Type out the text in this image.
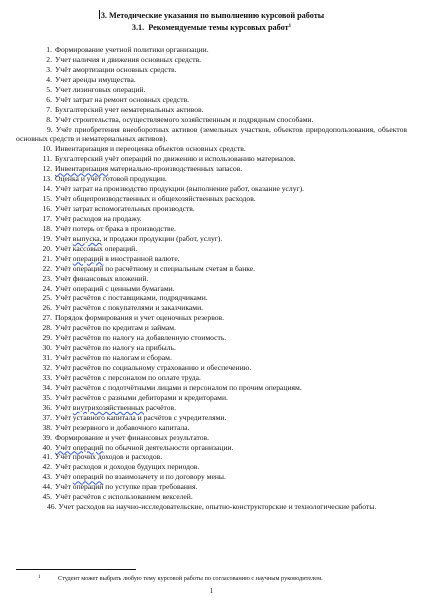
3. Методические указания по выполнению курсовой работы
3.1. Рекомендуемые темы курсовых работ$^1$
1. Формирование учетной политики организации.
2. Учет наличия и движения основных средств.
3. Учёт амортизации основных средств.
4. Учет аренды имущества.
5. Учет лизинговых операций.
6. Учёт затрат на ремонт основных средств.
7. Бухгалтерский учет нематериальных активов.
8. Учёт строительства, осуществляемого хозяйственным и подрядным способами.
9. Учёт приобретения внеоборотных активов (земельных участков, объектов природопользования, объектов основных средств и нематериальных активов).
10. Инвентаризация и переоценка объектов основных средств.
11. Бухгалтерский учёт операций по движению и использованию материалов.
12. Инвентаризация материально-производственных запасов.
13. Оценка и учёт готовой продукции.
14. Учёт затрат на производство продукции (выполнение работ, оказание услуг).
15. Учёт общепроизводственных и общехозяйственных расходов.
16. Учёт затрат вспомогательных производств.
17. Учёт расходов на продажу.
18. Учёт потерь от брака в производстве.
19. Учёт выпуска, и продажи продукции (работ, услуг).
20. Учёт кассовых операций.
21. Учёт операций в иностранной валюте.
22. Учёт операций по расчётному и специальным счетам в банке.
23. Учёт финансовых вложений.
24. Учёт операций с ценными бумагами.
25. Учёт расчётов с поставщиками, подрядчиками.
26. Учёт расчётов с покупателями и заказчиками.
27. Порядок формирования и учет оценочных резервов.
28. Учёт расчётов по кредитам и займам.
29. Учёт расчётов по налогу на добавленную стоимость.
30. Учёт расчётов по налогу на прибыль.
31. Учёт расчётов по налогам и сборам.
32. Учёт расчётов по социальному страхованию и обеспечению.
33. Учёт расчётов с персоналом по оплате труда.
34. Учёт расчётов с подотчётными лицами и персоналом по прочим операциям.
35. Учёт расчётов с разными дебиторами и кредиторами.
36. Учёт внутрихозяйственных расчётов.
37. Учёт уставного капитала и расчётов с учредителями.
38. Учёт резервного и добавочного капитала.
39. Формирование и учет финансовых результатов.
40. Учёт операций по обычной деятельности организации.
41. Учёт прочих доходов и расходов.
42. Учёт расходов и доходов будущих периодов.
43. Учёт операций по взаимозачету и по договору мены.
44. Учёт операций по уступке прав требования.
45. Учёт расчётов с использованием векселей.
46. Учет расходов на научно-исследовательские, опытно-конструкторские и технологические работы.
1	Студент может выбрать любую тему курсовой работы по согласованию с научным руководителем.
1
